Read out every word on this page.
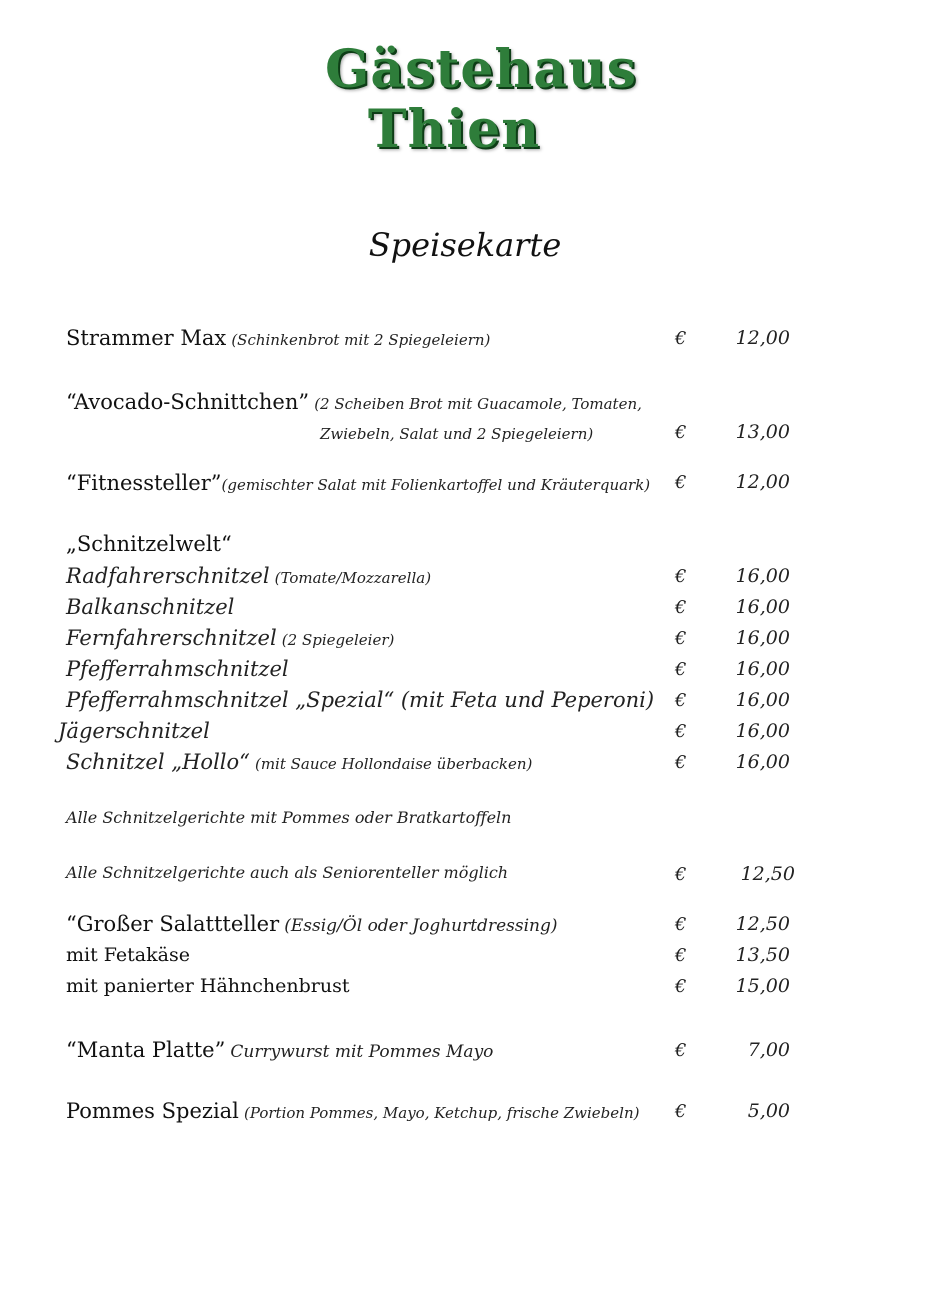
Gästehaus
Thien
Speisekarte
Strammer Max (Schinkenbrot mit 2 Spiegeleiern)	€	12,00
“Avocado-Schnittchen” (2 Scheiben Brot mit Guacamole, Tomaten,
Zwiebeln, Salat und 2 Spiegeleiern)	€	13,00
“Fitnessteller”(gemischter Salat mit Folienkartoffel und Kräuterquark)	€	12,00
„Schnitzelwelt“
Radfahrerschnitzel (Tomate/Mozzarella)	€	16,00
Balkanschnitzel	€	16,00
Fernfahrerschnitzel (2 Spiegeleier)	€	16,00
Pfefferrahmschnitzel	€	16,00
Pfefferrahmschnitzel „Spezial“ (mit Feta und Peperoni)	€	16,00
Jägerschnitzel	€	16,00
Schnitzel „Hollo“ (mit Sauce Hollondaise überbacken)	€	16,00
Alle Schnitzelgerichte mit Pommes oder Bratkartoffeln
Alle Schnitzelgerichte auch als Seniorenteller möglich	€	12,50
“Großer Salattteller (Essig/Öl oder Joghurtdressing)	€	12,50
mit Fetakäse	€	13,50
mit panierter Hähnchenbrust	€	15,00
“Manta Platte” Currywurst mit Pommes Mayo	€	7,00
Pommes Spezial (Portion Pommes, Mayo, Ketchup, frische Zwiebeln)	€	5,00
